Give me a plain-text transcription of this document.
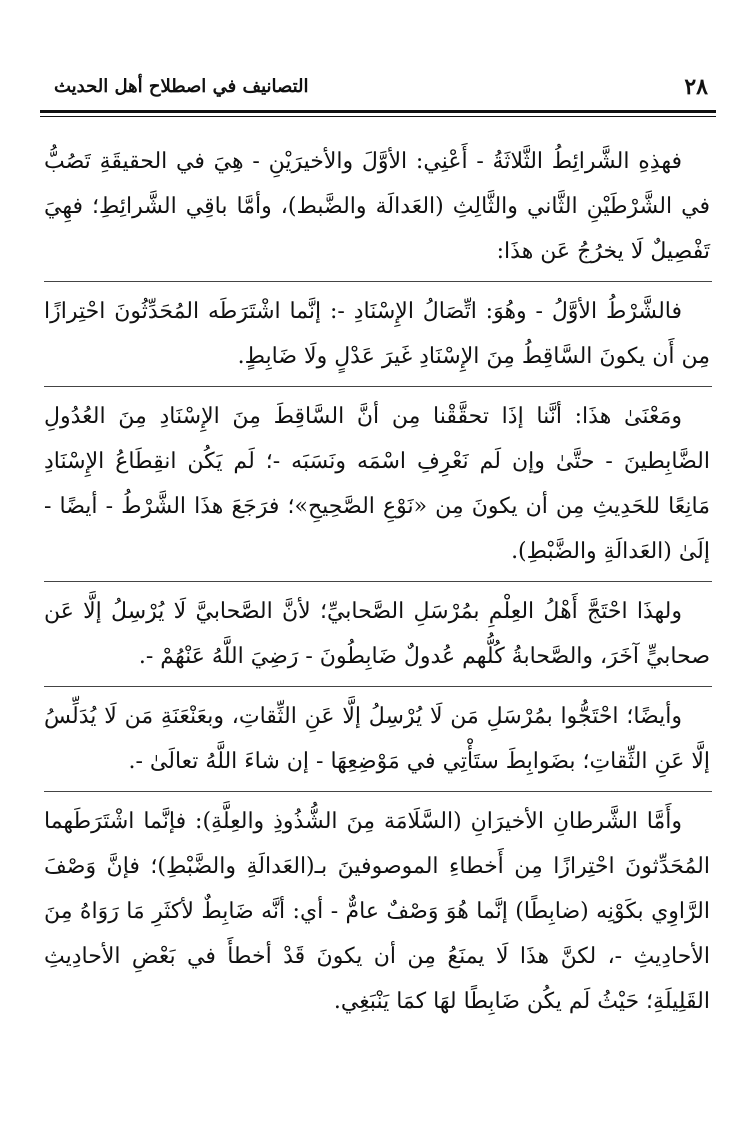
٢٨
التصانيف في اصطلاح أهل الحديث

فهذِهِ الشَّرائِطُ الثَّلاثَةُ - أَعْنِي: الأوَّلَ والأخيرَيْنِ - هِيَ في الحقيقَةِ تَصُبُّ في الشَّرْطَيْنِ الثَّاني والثَّالِثِ (العَدالَة والضَّبط)، وأمَّا باقِي الشَّرائِطِ؛ فهِيَ تَفْصِيلٌ لَا يخرُجُ عَن هذَا:

فالشَّرْطُ الأوَّلُ - وهُوَ: اتِّصَالُ الإِسْنَادِ -: إنَّما اشْتَرَطَه المُحَدِّثُونَ احْتِرازًا مِن أَن يكونَ السَّاقِطُ مِنَ الإِسْنَادِ غَيرَ عَدْلٍ ولَا ضَابِطٍ.

ومَعْنَىٰ هذَا: أنَّنا إذَا تحقَّقْنا مِن أنَّ السَّاقِطَ مِنَ الإِسْنَادِ مِنَ العُدُولِ الضَّابِطينَ - حتَّىٰ وإن لَم نَعْرِفِ اسْمَه ونَسَبَه -؛ لَم يَكُن انقِطَاعُ الإِسْنَادِ مَانِعًا للحَدِيثِ مِن أن يكونَ مِن «نَوْعِ الصَّحِيحِ»؛ فرَجَعَ هذَا الشَّرْطُ - أيضًا - إلَىٰ (العَدالَةِ والضَّبْطِ).

ولهذَا احْتَجَّ أَهْلُ العِلْمِ بمُرْسَلِ الصَّحابيِّ؛ لأنَّ الصَّحابيَّ لَا يُرْسِلُ إلَّا عَن صحابيٍّ آخَرَ، والصَّحابةُ كُلُّهم عُدولٌ ضَابِطُونَ - رَضِيَ اللَّهُ عَنْهُمْ -.

وأيضًا؛ احْتَجُّوا بمُرْسَلِ مَن لَا يُرْسِلُ إلَّا عَنِ الثِّقاتِ، وبعَنْعَنَةِ مَن لَا يُدَلِّسُ إلَّا عَنِ الثِّقاتِ؛ بضَوابِطَ ستَأْتِي في مَوْضِعِهَا - إن شاءَ اللَّهُ تعالَىٰ -.

وأَمَّا الشَّرطانِ الأخيرَانِ (السَّلَامَة مِنَ الشُّذُوذِ والعِلَّةِ): فإنَّما اشْتَرَطَهما المُحَدِّثونَ احْتِرازًا مِن أَخطاءِ الموصوفينَ بـ(العَدالَةِ والضَّبْطِ)؛ فإنَّ وَصْفَ الرَّاوِي بكَوْنِه (ضابِطًا) إنَّما هُوَ وَصْفٌ عامٌّ - أي: أنَّه ضَابِطٌ لأكثَرِ مَا رَوَاهُ مِنَ الأحادِيثِ -، لكنَّ هذَا لَا يمنَعُ مِن أن يكونَ قَدْ أخطأَ في بَعْضِ الأحادِيثِ القَلِيلَةِ؛ حَيْثُ لَم يكُن ضَابِطًا لهَا كمَا يَنْبَغِي.
